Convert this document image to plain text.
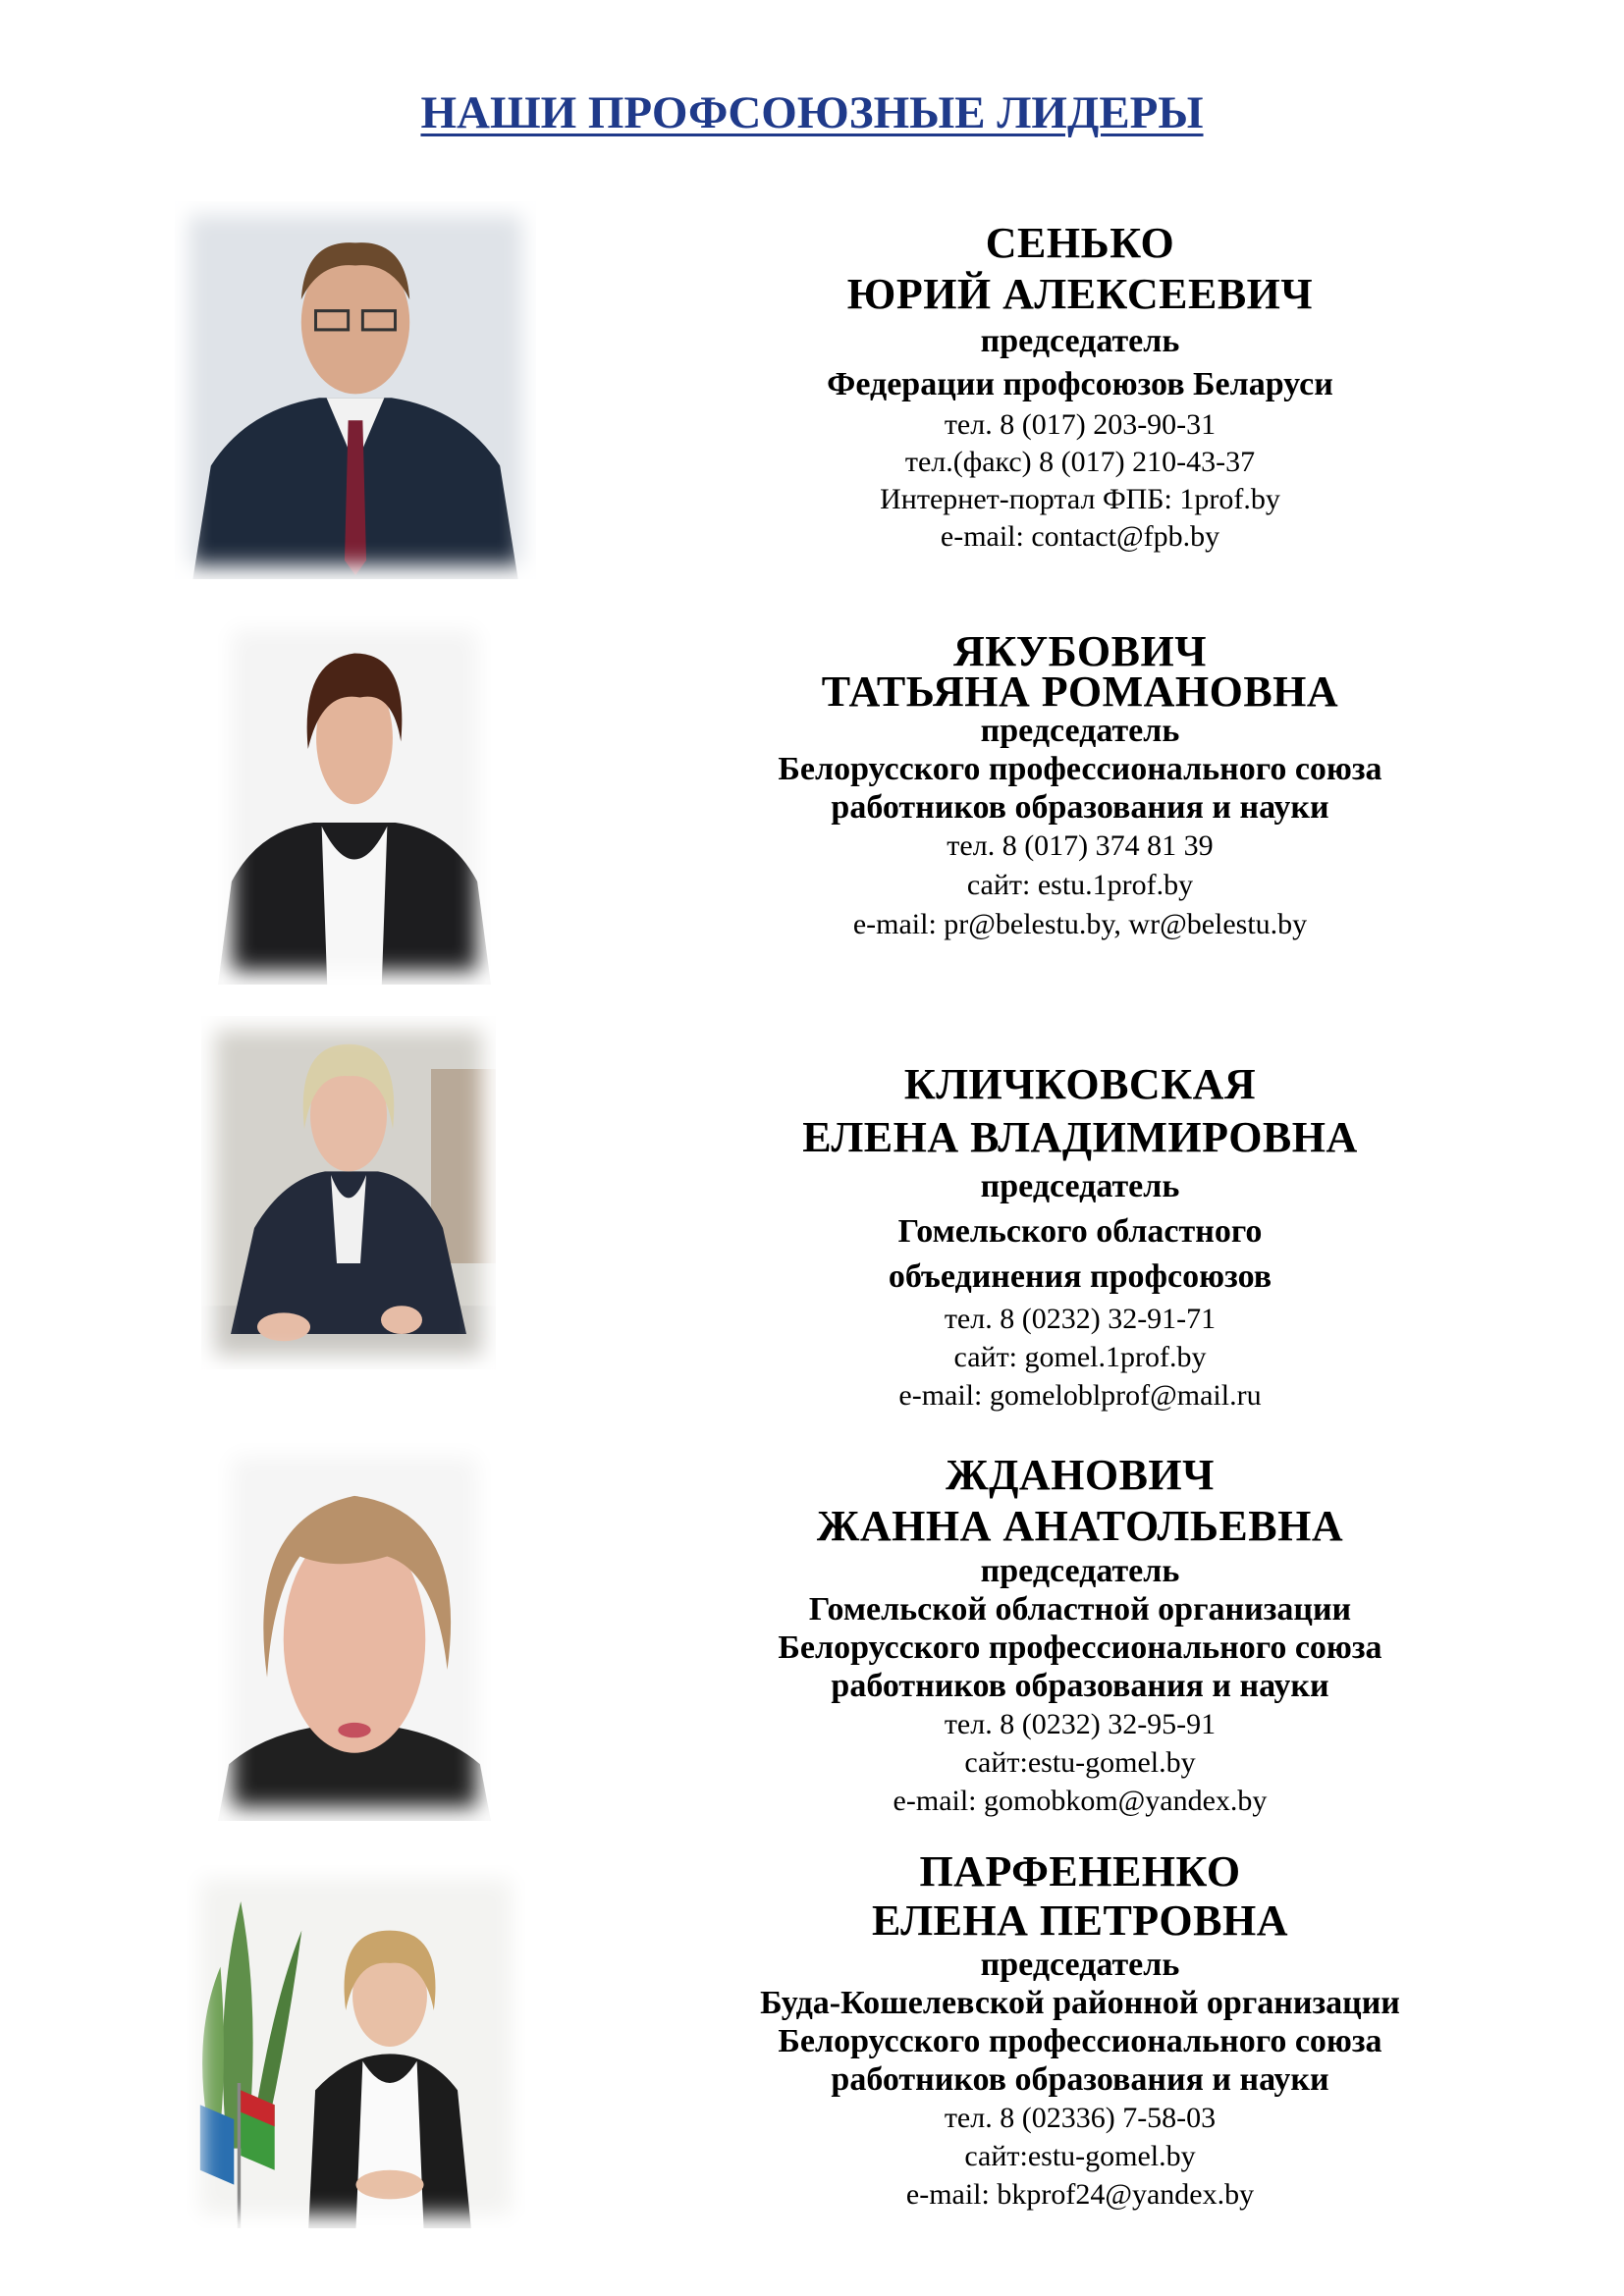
НАШИ ПРОФСОЮЗНЫЕ ЛИДЕРЫ
СЕНЬКО
ЮРИЙ АЛЕКСЕЕВИЧ
председатель
Федерации профсоюзов Беларуси
тел. 8 (017) 203-90-31
тел.(факс) 8 (017) 210-43-37
Интернет-портал ФПБ: 1prof.by
e-mail: contact@fpb.by
ЯКУБОВИЧ
ТАТЬЯНА РОМАНОВНА
председатель
Белорусского профессионального союза
работников образования и науки
тел. 8 (017) 374 81 39
сайт: estu.1prof.by
e-mail: pr@belestu.by, wr@belestu.by
КЛИЧКОВСКАЯ
ЕЛЕНА ВЛАДИМИРОВНА
председатель
Гомельского областного
объединения профсоюзов
тел. 8 (0232) 32-91-71
сайт: gomel.1prof.by
e-mail: gomeloblprof@mail.ru
ЖДАНОВИЧ
ЖАННА АНАТОЛЬЕВНА
председатель
Гомельской областной организации
Белорусского профессионального союза
работников образования и науки
тел. 8 (0232) 32-95-91
сайт:estu-gomel.by
e-mail: gomobkom@yandex.by
ПАРФЕНЕНКО
ЕЛЕНА ПЕТРОВНА
председатель
Буда-Кошелевской районной организации
Белорусского профессионального союза
работников образования и науки
тел. 8 (02336) 7-58-03
сайт:estu-gomel.by
e-mail: bkprof24@yandex.by
